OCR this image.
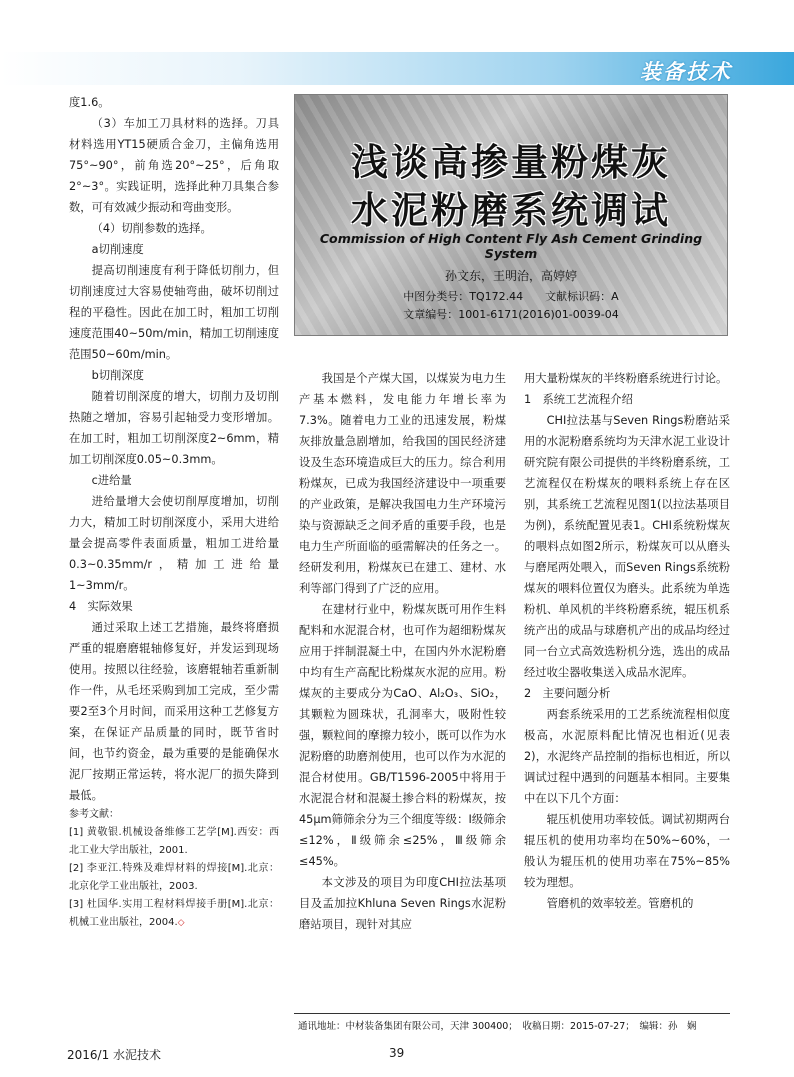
装备技术

度1.6。

（3）车加工刀具材料的选择。刀具材料选用YT15硬质合金刀，主偏角选用75°~90°，前角选20°~25°，后角取2°~3°。实践证明，选择此种刀具集合参数，可有效减少振动和弯曲变形。

（4）切削参数的选择。

a切削速度

提高切削速度有利于降低切削力，但切削速度过大容易使轴弯曲，破坏切削过程的平稳性。因此在加工时，粗加工切削速度范围40~50m/min，精加工切削速度范围50~60m/min。

b切削深度

随着切削深度的增大，切削力及切削热随之增加，容易引起轴受力变形增加。在加工时，粗加工切削深度2~6mm，精加工切削深度0.05~0.3mm。

c进给量

进给量增大会使切削厚度增加，切削力大，精加工时切削深度小，采用大进给量会提高零件表面质量，粗加工进给量0.3~0.35mm/r，精加工进给量1~3mm/r。

4　实际效果

通过采取上述工艺措施，最终将磨损严重的辊磨磨辊轴修复好，并发运到现场使用。按照以往经验，该磨辊轴若重新制作一件，从毛坯采购到加工完成，至少需要2至3个月时间，而采用这种工艺修复方案，在保证产品质量的同时，既节省时间，也节约资金，最为重要的是能确保水泥厂按期正常运转，将水泥厂的损失降到最低。

参考文献：

[1] 黄敬银.机械设备维修工艺学[M].西安：西北工业大学出版社，2001.

[2] 李亚江.特殊及难焊材料的焊接[M].北京：北京化学工业出版社，2003.

[3] 杜国华.实用工程材料焊接手册[M].北京：机械工业出版社，2004.◇

浅谈高掺量粉煤灰
水泥粉磨系统调试
Commission of High Content Fly Ash Cement Grinding System
孙文东，王明治，高婷婷
中图分类号：TQ172.44　　文献标识码：A
文章编号：1001-6171(2016)01-0039-04

我国是个产煤大国，以煤炭为电力生产基本燃料，发电能力年增长率为7.3%。随着电力工业的迅速发展，粉煤灰排放量急剧增加，给我国的国民经济建设及生态环境造成巨大的压力。综合利用粉煤灰，已成为我国经济建设中一项重要的产业政策，是解决我国电力生产环境污染与资源缺乏之间矛盾的重要手段，也是电力生产所面临的亟需解决的任务之一。经研发利用，粉煤灰已在建工、建材、水利等部门得到了广泛的应用。

在建材行业中，粉煤灰既可用作生料配料和水泥混合材，也可作为超细粉煤灰应用于拌制混凝土中，在国内外水泥粉磨中均有生产高配比粉煤灰水泥的应用。粉煤灰的主要成分为CaO、Al₂O₃、SiO₂，其颗粒为圆珠状，孔洞率大，吸附性较强，颗粒间的摩擦力较小，既可以作为水泥粉磨的助磨剂使用，也可以作为水泥的混合材使用。GB/T1596-2005中将用于水泥混合材和混凝土掺合料的粉煤灰，按45μm筛筛余分为三个细度等级：Ⅰ级筛余≤12%，Ⅱ级筛余≤25%，Ⅲ级筛余≤45%。

本文涉及的项目为印度CHI拉法基项目及孟加拉Khluna Seven Rings水泥粉磨站项目，现针对其应

用大量粉煤灰的半终粉磨系统进行讨论。

1　系统工艺流程介绍

CHI拉法基与Seven Rings粉磨站采用的水泥粉磨系统均为天津水泥工业设计研究院有限公司提供的半终粉磨系统，工艺流程仅在粉煤灰的喂料系统上存在区别，其系统工艺流程见图1(以拉法基项目为例)，系统配置见表1。CHI系统粉煤灰的喂料点如图2所示，粉煤灰可以从磨头与磨尾两处喂入，而Seven Rings系统粉煤灰的喂料位置仅为磨头。此系统为单选粉机、单风机的半终粉磨系统，辊压机系统产出的成品与球磨机产出的成品均经过同一台立式高效选粉机分选，选出的成品经过收尘器收集送入成品水泥库。

2　主要问题分析

两套系统采用的工艺系统流程相似度极高，水泥原料配比情况也相近(见表2)，水泥终产品控制的指标也相近，所以调试过程中遇到的问题基本相同。主要集中在以下几个方面：

辊压机使用功率较低。调试初期两台辊压机的使用功率均在50%~60%，一般认为辊压机的使用功率在75%~85%较为理想。

管磨机的效率较差。管磨机的

通讯地址：中材装备集团有限公司，天津 300400；　收稿日期：2015-07-27；　编辑：孙　娴
2016/1 水泥技术	39
